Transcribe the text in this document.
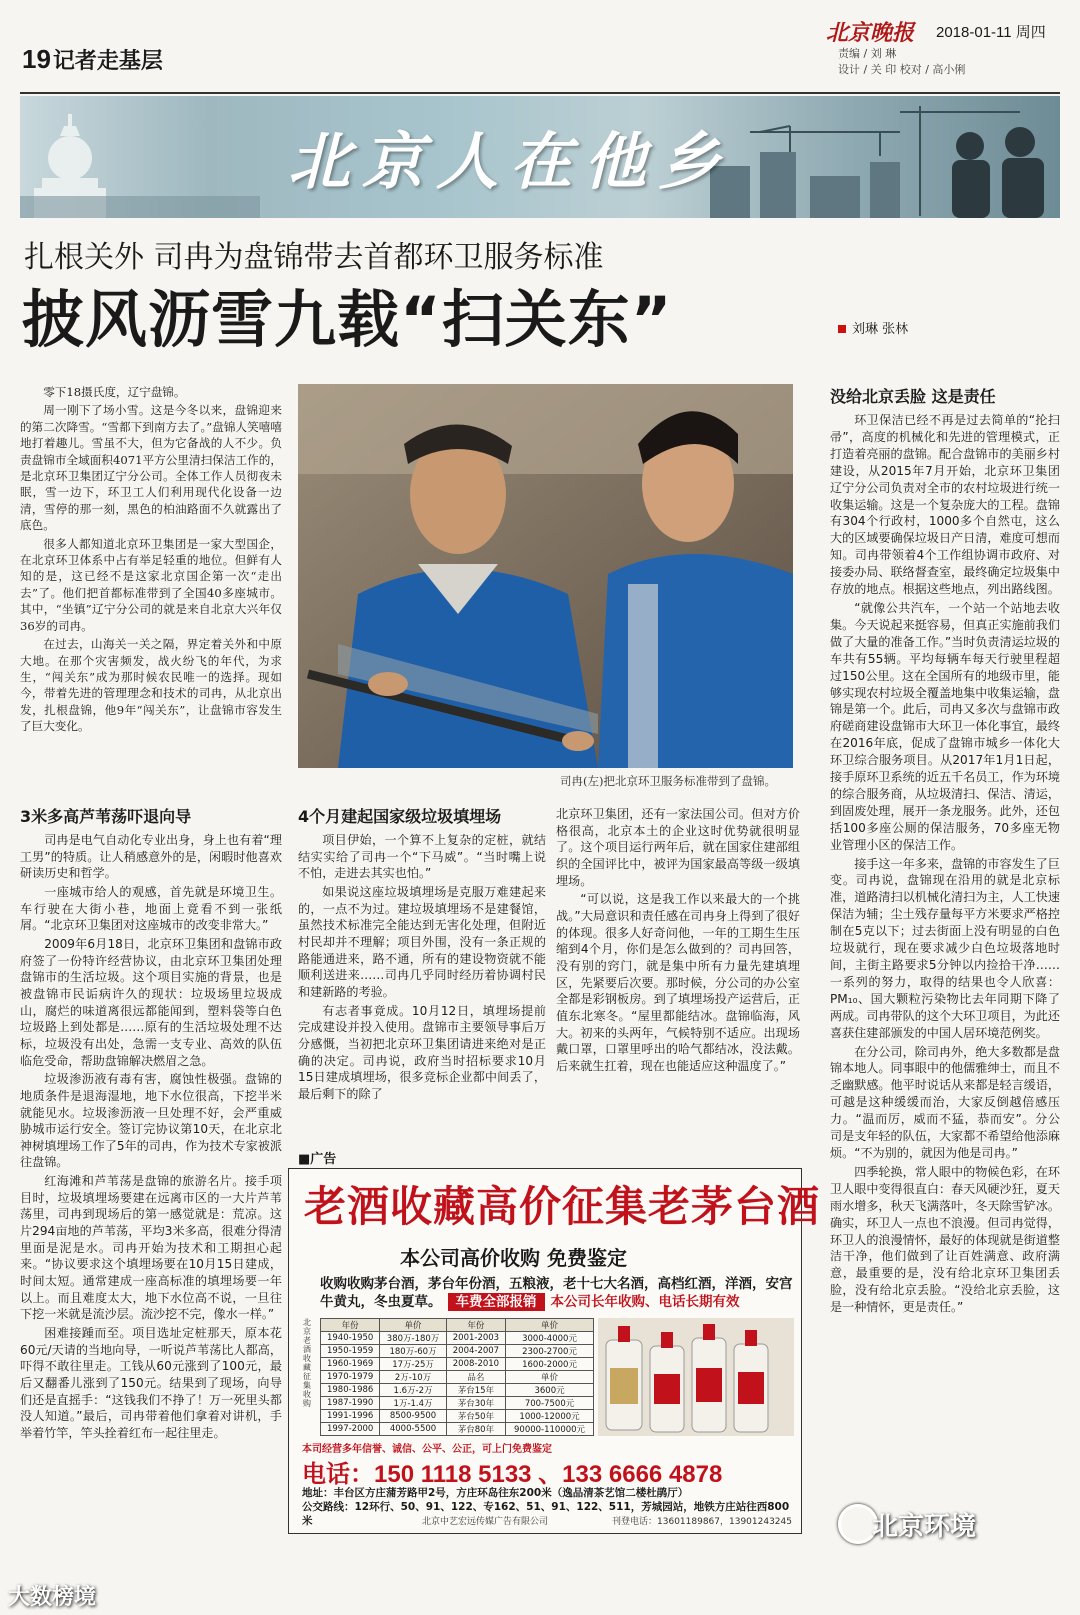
19记者走基层
北京晚报 2018-01-11 周四
责编 / 刘 琳
设计 / 关 印 校对 / 高小俐
北京人在他乡
扎根关外 司冉为盘锦带去首都环卫服务标准
披风沥雪九载“扫关东”	刘琳 张林

零下18摄氏度，辽宁盘锦。

周一刚下了场小雪。这是今冬以来，盘锦迎来的第二次降雪。“雪都下到南方去了。”盘锦人笑嘻嘻地打着趣儿。雪虽不大，但为它备战的人不少。负责盘锦市全域面积4071平方公里清扫保洁工作的，是北京环卫集团辽宁分公司。全体工作人员彻夜未眠，雪一边下，环卫工人们利用现代化设备一边清，雪停的那一刻，黑色的柏油路面不久就露出了底色。

很多人都知道北京环卫集团是一家大型国企，在北京环卫体系中占有举足轻重的地位。但鲜有人知的是，这已经不是这家北京国企第一次“走出去”了。他们把首都标准带到了全国40多座城市。其中，“坐镇”辽宁分公司的就是来自北京大兴年仅36岁的司冉。

在过去，山海关一关之隔，界定着关外和中原大地。在那个灾害频发，战火纷飞的年代，为求生，“闯关东”成为那时候农民唯一的选择。现如今，带着先进的管理理念和技术的司冉，从北京出发，扎根盘锦，他9年“闯关东”，让盘锦市容发生了巨大变化。

司冉(左)把北京环卫服务标准带到了盘锦。
3米多高芦苇荡吓退向导

司冉是电气自动化专业出身，身上也有着“理工男”的特质。让人稍感意外的是，闲暇时他喜欢研读历史和哲学。

一座城市给人的观感，首先就是环境卫生。车行驶在大街小巷，地面上竟看不到一张纸屑。“北京环卫集团对这座城市的改变非常大。”

2009年6月18日，北京环卫集团和盘锦市政府签了一份特许经营协议，由北京环卫集团处理盘锦市的生活垃圾。这个项目实施的背景，也是被盘锦市民诟病许久的现状：垃圾场里垃圾成山，腐烂的味道离很远都能闻到，塑料袋等白色垃圾路上到处都是……原有的生活垃圾处理不达标，垃圾没有出处，急需一支专业、高效的队伍临危受命，帮助盘锦解决燃眉之急。

垃圾渗沥液有毒有害，腐蚀性极强。盘锦的地质条件是退海湿地，地下水位很高，下挖半米就能见水。垃圾渗沥液一旦处理不好，会严重威胁城市运行安全。签订完协议第10天，在北京北神树填埋场工作了5年的司冉，作为技术专家被派往盘锦。

红海滩和芦苇荡是盘锦的旅游名片。接手项目时，垃圾填埋场要建在远离市区的一大片芦苇荡里，司冉到现场后的第一感觉就是：荒凉。这片294亩地的芦苇荡，平均3米多高，很难分得清里面是泥是水。司冉开始为技术和工期担心起来。“协议要求这个填埋场要在10月15日建成，时间太短。通常建成一座高标准的填埋场要一年以上。而且难度太大，地下水位高不说，一旦往下挖一米就是流沙层。流沙挖不完，像水一样。”

困难接踵而至。项目选址定桩那天，原本花60元/天请的当地向导，一听说芦苇荡比人都高，吓得不敢往里走。工钱从60元涨到了100元，最后又翻番儿涨到了150元。结果到了现场，向导们还是直摇手：“这钱我们不挣了！万一死里头都没人知道。”最后，司冉带着他们拿着对讲机，手举着竹竿，竿头拴着红布一起往里走。

4个月建起国家级垃圾填埋场

项目伊始，一个算不上复杂的定桩，就结结实实给了司冉一个“下马威”。“当时嘴上说不怕，走进去其实也怕。”

如果说这座垃圾填埋场是克服万难建起来的，一点不为过。建垃圾填埋场不是建餐馆，虽然技术标准完全能达到无害化处理，但附近村民却并不理解；项目外围，没有一条正规的路能通进来，路不通，所有的建设物资就不能顺利送进来……司冉几乎同时经历着协调村民和建新路的考验。

有志者事竟成。10月12日，填埋场提前完成建设并投入使用。盘锦市主要领导事后万分感慨，当初把北京环卫集团请进来绝对是正确的决定。司冉说，政府当时招标要求10月15日建成填埋场，很多竞标企业都中间丢了，最后剩下的除了

北京环卫集团，还有一家法国公司。但对方价格很高，北京本土的企业这时优势就很明显了。这个项目运行两年后，就在国家住建部组织的全国评比中，被评为国家最高等级一级填埋场。

“可以说，这是我工作以来最大的一个挑战。”大局意识和责任感在司冉身上得到了很好的体现。很多人好奇问他，一年的工期生生压缩到4个月，你们是怎么做到的？司冉回答，没有别的窍门，就是集中所有力量先建填埋区，先紧要后次要。那时候，分公司的办公室全都是彩钢板房。到了填埋场投产运营后，正值东北寒冬。“屋里都能结冰。盘锦临海，风大。初来的头两年，气候特别不适应。出现场戴口罩，口罩里呼出的哈气都结冰，没法戴。后来就生扛着，现在也能适应这种温度了。”

没给北京丢脸 这是责任

环卫保洁已经不再是过去简单的“抡扫帚”，高度的机械化和先进的管理模式，正打造着亮丽的盘锦。配合盘锦市的美丽乡村建设，从2015年7月开始，北京环卫集团辽宁分公司负责对全市的农村垃圾进行统一收集运输。这是一个复杂庞大的工程。盘锦有304个行政村，1000多个自然屯，这么大的区域要确保垃圾日产日清，难度可想而知。司冉带领着4个工作组协调市政府、对接委办局、联络督查室，最终确定垃圾集中存放的地点。根据这些地点，列出路线图。

“就像公共汽车，一个站一个站地去收集。今天说起来挺容易，但真正实施前我们做了大量的准备工作。”当时负责清运垃圾的车共有55辆。平均每辆车每天行驶里程超过150公里。这在全国所有的地级市里，能够实现农村垃圾全覆盖地集中收集运输，盘锦是第一个。此后，司冉又多次与盘锦市政府磋商建设盘锦市大环卫一体化事宜，最终在2016年底，促成了盘锦市城乡一体化大环卫综合服务项目。从2017年1月1日起，接手原环卫系统的近五千名员工，作为环境的综合服务商，从垃圾清扫、保洁、清运，到固废处理，展开一条龙服务。此外，还包括100多座公厕的保洁服务，70多座无物业管理小区的保洁工作。

接手这一年多来，盘锦的市容发生了巨变。司冉说，盘锦现在沿用的就是北京标准，道路清扫以机械化清扫为主，人工快速保洁为辅；尘土残存量每平方米要求严格控制在5克以下；过去街面上没有明显的白色垃圾就行，现在要求减少白色垃圾落地时间，主街主路要求5分钟以内捡拾干净……一系列的努力，取得的结果也令人欣喜：PM₁₀、国大颗粒污染物比去年同期下降了两成。司冉带队的这个大环卫项目，为此还喜获住建部颁发的中国人居环境范例奖。

在分公司，除司冉外，绝大多数都是盘锦本地人。同事眼中的他儒雅绅士，而且不乏幽默感。他平时说话从来都是轻言缓语，可越是这种缓缓而治，大家反倒越倍感压力。“温而厉，威而不猛，恭而安”。分公司是支年轻的队伍，大家都不希望给他添麻烦。“不为别的，就因为他是司冉。”

四季轮换，常人眼中的物候色彩，在环卫人眼中变得很直白：春天风硬沙狂，夏天雨水增多，秋天飞满落叶，冬天除雪铲冰。确实，环卫人一点也不浪漫。但司冉觉得，环卫人的浪漫情怀，最好的体现就是街道整洁干净，他们做到了让百姓满意、政府满意，最重要的是，没有给北京环卫集团丢脸，没有给北京丢脸。“没给北京丢脸，这是一种情怀，更是责任。”

■广告
老酒收藏高价征集老茅台酒
本公司高价收购 免费鉴定
收购收购茅台酒，茅台年份酒，五粮液，老十七大名酒，高档红酒，洋酒，安宫牛黄丸，冬虫夏草。 车费全部报销 本公司长年收购、电话长期有效
北京老酒收藏征集收购
年份	单价	年份	单价
1940-1950	380万-180万	2001-2003	3000-4000元
1950-1959	180万-60万	2004-2007	2300-2700元
1960-1969	17万-25万	2008-2010	1600-2000元
1970-1979	2万-10万	品名	单价
1980-1986	1.6万-2万	茅台15年	3600元
1987-1990	1万-1.4万	茅台30年	700-7500元
1991-1996	8500-9500	茅台50年	1000-12000元
1997-2000	4000-5500	茅台80年	90000-110000元
本司经营多年信誉、诚信、公平、公正，可上门免费鉴定
电话：150 1118 5133 、133 6666 4878
地址：丰台区方庄蒲芳路甲2号，方庄环岛往东200米（逸品清茶艺馆二楼杜鹃厅）
公交路线：12环行、50、91、122、专162、51、91、122、511，芳城园站，地铁方庄站往西800米	北京中艺宏远传媒广告有限公司	刊登电话：13601189867，13901243245
大数榜境
北京环境
